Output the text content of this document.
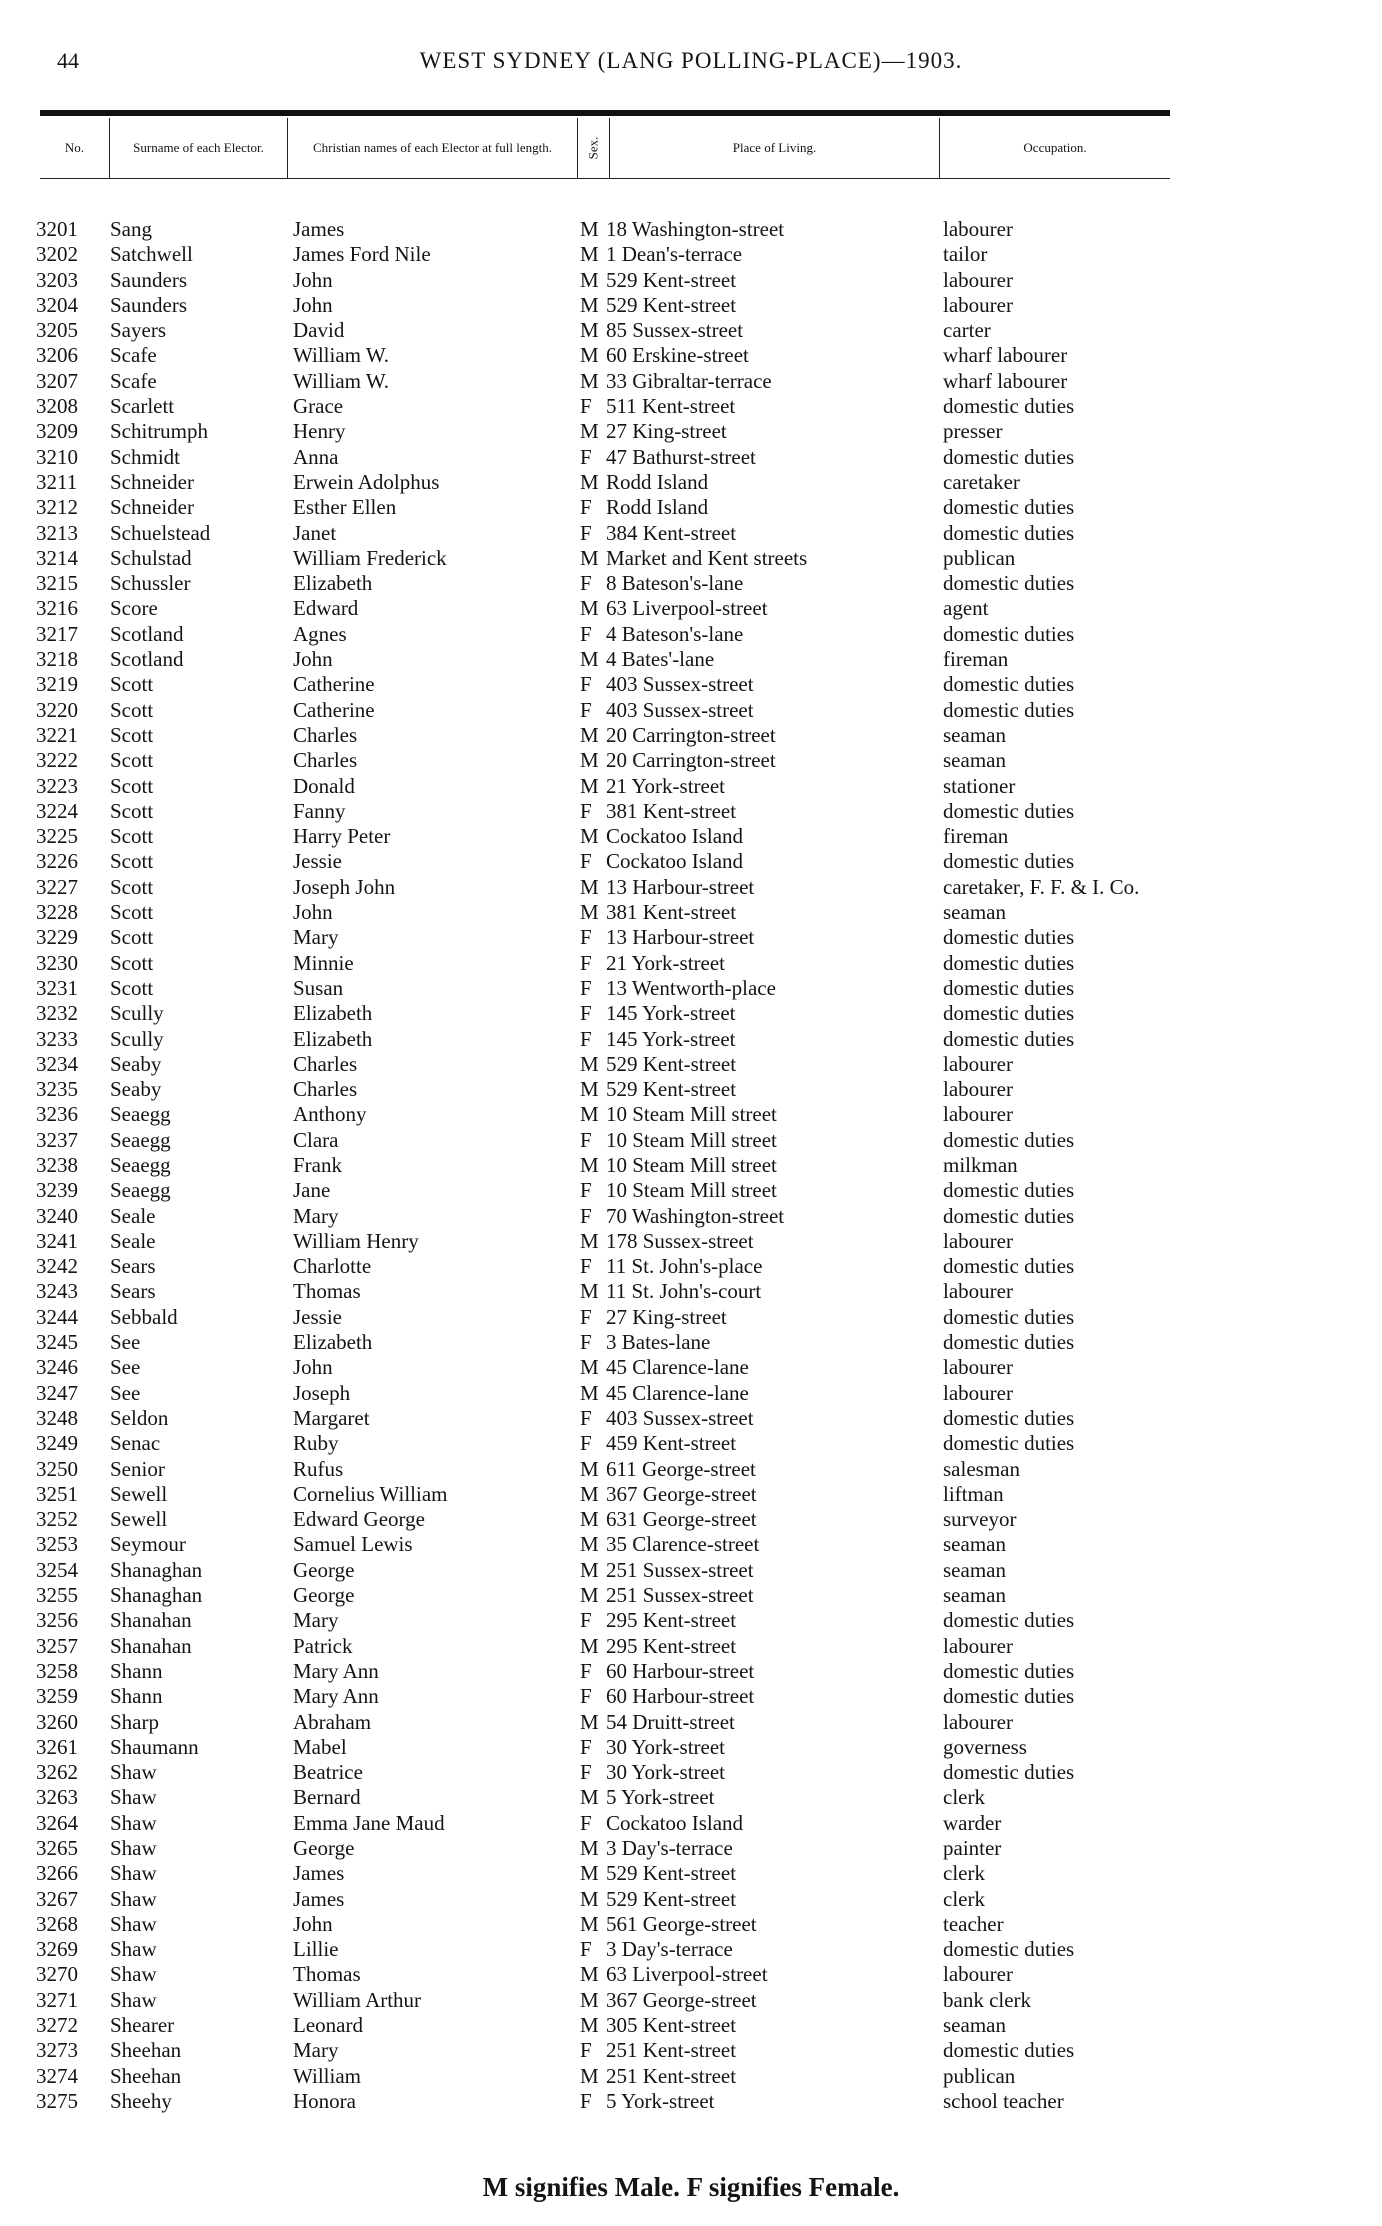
44	WEST SYDNEY (LANG POLLING-PLACE)—1903.
No.	Surname of each Elector.	Christian names of each Elector at full length.	Sex.	Place of Living.	Occupation.
3201 Sang	James	M 18 Washington-street	labourer
3202 Satchwell	James Ford Nile	M 1 Dean's-terrace	tailor
3203 Saunders	John	M 529 Kent-street	labourer
3204 Saunders	John	M 529 Kent-street	labourer
3205 Sayers	David	M 85 Sussex-street	carter
3206 Scafe	William W.	M 60 Erskine-street	wharf labourer
3207 Scafe	William W.	M 33 Gibraltar-terrace	wharf labourer
3208 Scarlett	Grace	F 511 Kent-street	domestic duties
3209 Schitrumph	Henry	M 27 King-street	presser
3210 Schmidt	Anna	F 47 Bathurst-street	domestic duties
3211 Schneider	Erwein Adolphus	M Rodd Island	caretaker
3212 Schneider	Esther Ellen	F Rodd Island	domestic duties
3213 Schuelstead	Janet	F 384 Kent-street	domestic duties
3214 Schulstad	William Frederick	M Market and Kent streets	publican
3215 Schussler	Elizabeth	F 8 Bateson's-lane	domestic duties
3216 Score	Edward	M 63 Liverpool-street	agent
3217 Scotland	Agnes	F 4 Bateson's-lane	domestic duties
3218 Scotland	John	M 4 Bates'-lane	fireman
3219 Scott	Catherine	F 403 Sussex-street	domestic duties
3220 Scott	Catherine	F 403 Sussex-street	domestic duties
3221 Scott	Charles	M 20 Carrington-street	seaman
3222 Scott	Charles	M 20 Carrington-street	seaman
3223 Scott	Donald	M 21 York-street	stationer
3224 Scott	Fanny	F 381 Kent-street	domestic duties
3225 Scott	Harry Peter	M Cockatoo Island	fireman
3226 Scott	Jessie	F Cockatoo Island	domestic duties
3227 Scott	Joseph John	M 13 Harbour-street	caretaker, F. F. & I. Co.
3228 Scott	John	M 381 Kent-street	seaman
3229 Scott	Mary	F 13 Harbour-street	domestic duties
3230 Scott	Minnie	F 21 York-street	domestic duties
3231 Scott	Susan	F 13 Wentworth-place	domestic duties
3232 Scully	Elizabeth	F 145 York-street	domestic duties
3233 Scully	Elizabeth	F 145 York-street	domestic duties
3234 Seaby	Charles	M 529 Kent-street	labourer
3235 Seaby	Charles	M 529 Kent-street	labourer
3236 Seaegg	Anthony	M 10 Steam Mill street	labourer
3237 Seaegg	Clara	F 10 Steam Mill street	domestic duties
3238 Seaegg	Frank	M 10 Steam Mill street	milkman
3239 Seaegg	Jane	F 10 Steam Mill street	domestic duties
3240 Seale	Mary	F 70 Washington-street	domestic duties
3241 Seale	William Henry	M 178 Sussex-street	labourer
3242 Sears	Charlotte	F 11 St. John's-place	domestic duties
3243 Sears	Thomas	M 11 St. John's-court	labourer
3244 Sebbald	Jessie	F 27 King-street	domestic duties
3245 See	Elizabeth	F 3 Bates-lane	domestic duties
3246 See	John	M 45 Clarence-lane	labourer
3247 See	Joseph	M 45 Clarence-lane	labourer
3248 Seldon	Margaret	F 403 Sussex-street	domestic duties
3249 Senac	Ruby	F 459 Kent-street	domestic duties
3250 Senior	Rufus	M 611 George-street	salesman
3251 Sewell	Cornelius William	M 367 George-street	liftman
3252 Sewell	Edward George	M 631 George-street	surveyor
3253 Seymour	Samuel Lewis	M 35 Clarence-street	seaman
3254 Shanaghan	George	M 251 Sussex-street	seaman
3255 Shanaghan	George	M 251 Sussex-street	seaman
3256 Shanahan	Mary	F 295 Kent-street	domestic duties
3257 Shanahan	Patrick	M 295 Kent-street	labourer
3258 Shann	Mary Ann	F 60 Harbour-street	domestic duties
3259 Shann	Mary Ann	F 60 Harbour-street	domestic duties
3260 Sharp	Abraham	M 54 Druitt-street	labourer
3261 Shaumann	Mabel	F 30 York-street	governess
3262 Shaw	Beatrice	F 30 York-street	domestic duties
3263 Shaw	Bernard	M 5 York-street	clerk
3264 Shaw	Emma Jane Maud	F Cockatoo Island	warder
3265 Shaw	George	M 3 Day's-terrace	painter
3266 Shaw	James	M 529 Kent-street	clerk
3267 Shaw	James	M 529 Kent-street	clerk
3268 Shaw	John	M 561 George-street	teacher
3269 Shaw	Lillie	F 3 Day's-terrace	domestic duties
3270 Shaw	Thomas	M 63 Liverpool-street	labourer
3271 Shaw	William Arthur	M 367 George-street	bank clerk
3272 Shearer	Leonard	M 305 Kent-street	seaman
3273 Sheehan	Mary	F 251 Kent-street	domestic duties
3274 Sheehan	William	M 251 Kent-street	publican
3275 Sheehy	Honora	F 5 York-street	school teacher
M signifies Male. F signifies Female.
